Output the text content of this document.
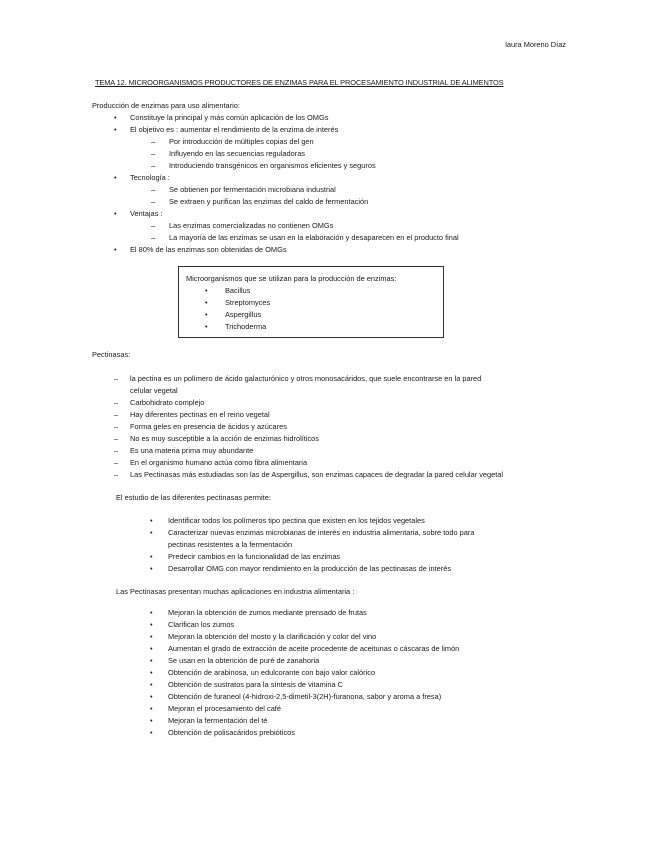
laura Moreno Díaz
TEMA 12. MICROORGANISMOS PRODUCTORES DE ENZIMAS PARA EL PROCESAMIENTO INDUSTRIAL DE ALIMENTOS
Producción de enzimas para uso alimentario:
• Constituye la principal y más común aplicación de los OMGs
• El objetivo es : aumentar el rendimiento de la enzima de interés
– Por introducción de múltiples copias del gen
– Influyendo en las secuencias reguladoras
– Introduciendo transgénicos en organismos eficientes y seguros
• Tecnología :
– Se obtienen por fermentación microbiana industrial
– Se extraen y purifican las enzimas del caldo de fermentación
• Ventajas :
– Las enzimas comercializadas no contienen OMGs
– La mayoría de las enzimas se usan en la elaboración y desaparecen en el producto final
• El 80% de las enzimas son obtenidas de OMGs
Microorganismos que se utilizan para la producción de enzimas:
• Bacillus
• Streptomyces
• Aspergillus
• Trichoderma
Pectinasas:
– la pectina es un polímero de ácido galacturónico y otros monosacáridos, que suele encontrarse en la pared
celular vegetal
– Carbohidrato complejo
– Hay diferentes pectinas en el reino vegetal
– Forma geles en presencia de ácidos y azúcares
– No es muy susceptible a la acción de enzimas hidrolíticos
– Es una materia prima muy abundante
– En el organismo humano actúa como fibra alimentaria
– Las Pectinasas más estudiadas son las de Aspergillus, son enzimas capaces de degradar la pared celular vegetal
El estudio de las diferentes pectinasas permite:
• Identificar todos los polímeros tipo pectina que existen en los tejidos vegetales
• Caracterizar nuevas enzimas microbianas de interés en industria alimentaria, sobre todo para
pectinas resistentes a la fermentación
• Predecir cambios en la funcionalidad de las enzimas
• Desarrollar OMG con mayor rendimiento en la producción de las pectinasas de interés
Las Pectinasas presentan muchas aplicaciones en industria alimentaria :
• Mejoran la obtención de zumos mediante prensado de frutas
• Clarifican los zumos
• Mejoran la obtención del mosto y la clarificación y color del vino
• Aumentan el grado de extracción de aceite procedente de aceitunas o cáscaras de limón
• Se usan en la obtención de puré de zanahoria
• Obtención de arabinosa, un edulcorante con bajo valor calórico
• Obtención de sustratos para la síntesis de vitamina C
• Obtención de furaneol (4-hidroxi-2,5-dimetil-3(2H)-furanona, sabor y aroma a fresa)
• Mejoran el procesamiento del café
• Mejoran la fermentación del té
• Obtención de polisacáridos prebióticos
